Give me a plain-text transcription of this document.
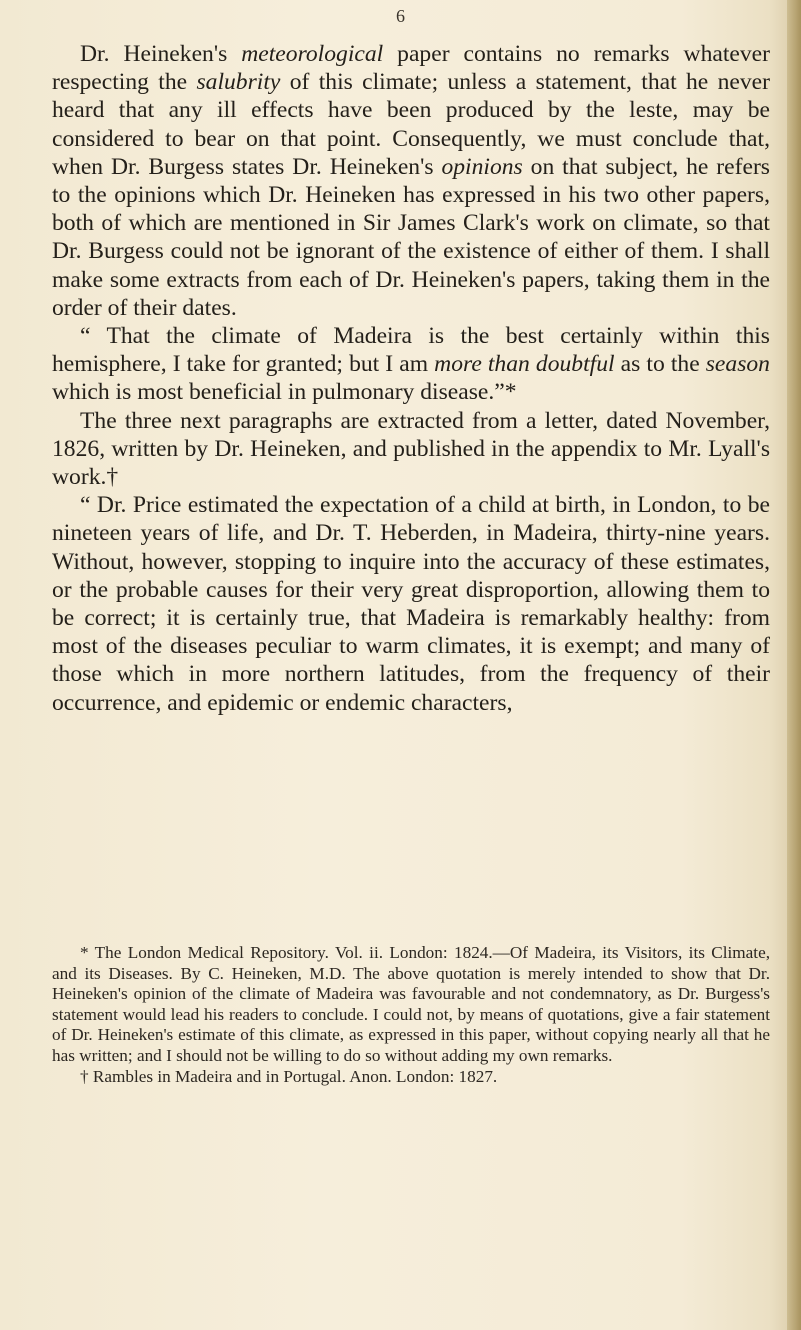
6

Dr. Heineken's meteorological paper contains no remarks whatever respecting the salubrity of this climate; unless a statement, that he never heard that any ill effects have been produced by the leste, may be considered to bear on that point. Consequently, we must conclude that, when Dr. Burgess states Dr. Heineken's opinions on that subject, he refers to the opinions which Dr. Heineken has expressed in his two other papers, both of which are mentioned in Sir James Clark's work on climate, so that Dr. Burgess could not be ignorant of the existence of either of them. I shall make some extracts from each of Dr. Heineken's papers, taking them in the order of their dates.

“ That the climate of Madeira is the best certainly within this hemisphere, I take for granted; but I am more than doubtful as to the season which is most beneficial in pulmonary disease.”*

The three next paragraphs are extracted from a letter, dated November, 1826, written by Dr. Heineken, and published in the appendix to Mr. Lyall's work.†

“ Dr. Price estimated the expectation of a child at birth, in London, to be nineteen years of life, and Dr. T. Heberden, in Madeira, thirty-nine years. Without, however, stopping to inquire into the accuracy of these estimates, or the probable causes for their very great disproportion, allowing them to be correct; it is certainly true, that Madeira is remarkably healthy: from most of the diseases peculiar to warm climates, it is exempt; and many of those which in more northern latitudes, from the frequency of their occurrence, and epidemic or endemic characters,

* The London Medical Repository. Vol. ii. London: 1824.—Of Madeira, its Visitors, its Climate, and its Diseases. By C. Heineken, M.D. The above quotation is merely intended to show that Dr. Heineken's opinion of the climate of Madeira was favourable and not condemnatory, as Dr. Burgess's statement would lead his readers to conclude. I could not, by means of quotations, give a fair statement of Dr. Heineken's estimate of this climate, as expressed in this paper, without copying nearly all that he has written; and I should not be willing to do so without adding my own remarks.

† Rambles in Madeira and in Portugal. Anon. London: 1827.
